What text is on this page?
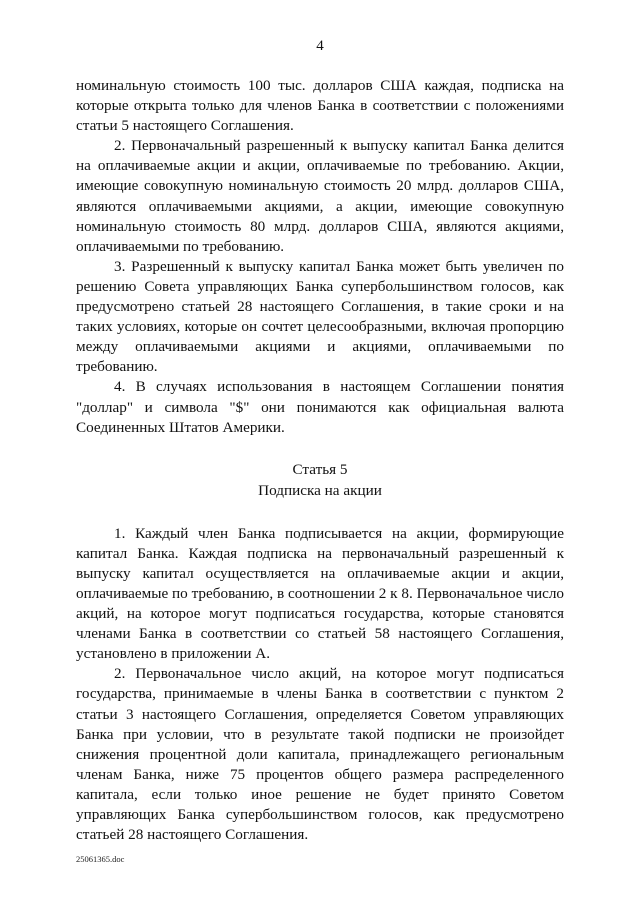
4

номинальную стоимость 100 тыс. долларов США каждая, подписка на которые открыта только для членов Банка в соответствии с положениями статьи 5 настоящего Соглашения.

2. Первоначальный разрешенный к выпуску капитал Банка делится на оплачиваемые акции и акции, оплачиваемые по требованию. Акции, имеющие совокупную номинальную стоимость 20 млрд. долларов США, являются оплачиваемыми акциями, а акции, имеющие совокупную номинальную стоимость 80 млрд. долларов США, являются акциями, оплачиваемыми по требованию.

3. Разрешенный к выпуску капитал Банка может быть увеличен по решению Совета управляющих Банка супербольшинством голосов, как предусмотрено статьей 28 настоящего Соглашения, в такие сроки и на таких условиях, которые он сочтет целесообразными, включая пропорцию между оплачиваемыми акциями и акциями, оплачиваемыми по требованию.

4. В случаях использования в настоящем Соглашении понятия "доллар" и символа "$" они понимаются как официальная валюта Соединенных Штатов Америки.

Статья 5
Подписка на акции

1. Каждый член Банка подписывается на акции, формирующие капитал Банка. Каждая подписка на первоначальный разрешенный к выпуску капитал осуществляется на оплачиваемые акции и акции, оплачиваемые по требованию, в соотношении 2 к 8. Первоначальное число акций, на которое могут подписаться государства, которые становятся членами Банка в соответствии со статьей 58 настоящего Соглашения, установлено в приложении А.

2. Первоначальное число акций, на которое могут подписаться государства, принимаемые в члены Банка в соответствии с пунктом 2 статьи 3 настоящего Соглашения, определяется Советом управляющих Банка при условии, что в результате такой подписки не произойдет снижения процентной доли капитала, принадлежащего региональным членам Банка, ниже 75 процентов общего размера распределенного капитала, если только иное решение не будет принято Советом управляющих Банка супербольшинством голосов, как предусмотрено статьей 28 настоящего Соглашения.

25061365.doc
